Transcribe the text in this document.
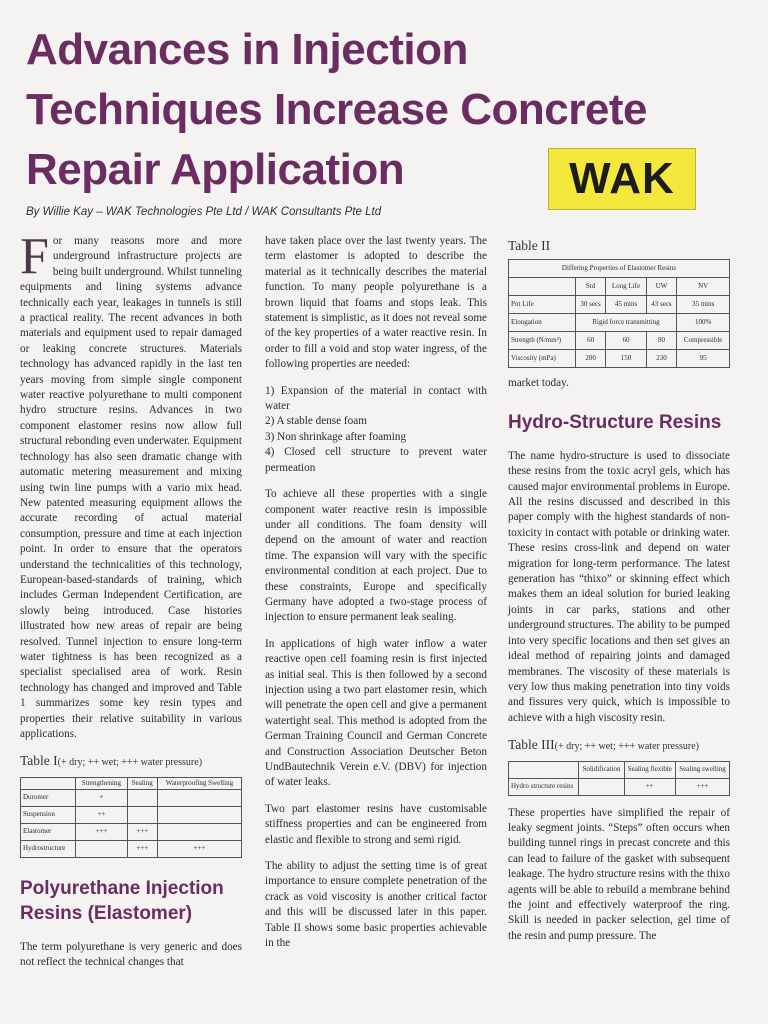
Advances in Injection
Techniques Increase Concrete
Repair Application	WAK
By Willie Kay – WAK Technologies Pte Ltd / WAK Consultants Pte Ltd

For many reasons more and more underground infrastructure projects are being built underground. Whilst tunneling equipments and lining systems advance technically each year, leakages in tunnels is still a practical reality. The recent advances in both materials and equipment used to repair damaged or leaking concrete structures. Materials technology has advanced rapidly in the last ten years moving from simple single component water reactive polyurethane to multi component hydro structure resins. Advances in two component elastomer resins now allow full structural rebonding even underwater. Equipment technology has also seen dramatic change with automatic metering measurement and mixing using twin line pumps with a vario mix head. New patented measuring equipment allows the accurate recording of actual material consumption, pressure and time at each injection point. In order to ensure that the operators understand the technicalities of this technology, European-based-standards of training, which includes German Independent Certification, are slowly being introduced. Case histories illustrated how new areas of repair are being resolved. Tunnel injection to ensure long-term water tightness is has been recognized as a specialist specialised area of work. Resin technology has changed and improved and Table 1 summarizes some key resin types and properties their relative suitability in various applications.

Table I(+ dry; ++ wet; +++ water pressure)
	Strengthening	Sealing	Waterproofing Swelling
Duromer	+		
Suspension	++		
Elastomer	+++	+++	
Hydrostructure		+++	+++
Polyurethane Injection Resins (Elastomer)

The term polyurethane is very generic and does not reflect the technical changes that

have taken place over the last twenty years. The term elastomer is adopted to describe the material as it technically describes the material function. To many people polyurethane is a brown liquid that foams and stops leak. This statement is simplistic, as it does not reveal some of the key properties of a water reactive resin. In order to fill a void and stop water ingress, of the following properties are needed:

1) Expansion of the material in contact with water
2) A stable dense foam
3) Non shrinkage after foaming
4) Closed cell structure to prevent water permeation

To achieve all these properties with a single component water reactive resin is impossible under all conditions. The foam density will depend on the amount of water and reaction time. The expansion will vary with the specific environmental condition at each project. Due to these constraints, Europe and specifically Germany have adopted a two-stage process of injection to ensure permanent leak sealing.

In applications of high water inflow a water reactive open cell foaming resin is first injected as initial seal. This is then followed by a second injection using a two part elastomer resin, which will penetrate the open cell and give a permanent watertight seal. This method is adopted from the German Training Council and German Concrete and Construction Association Deutscher Beton UndBautechnik Verein e.V. (DBV) for injection of water leaks.

Two part elastomer resins have customisable stiffness properties and can be engineered from elastic and flexible to strong and semi rigid.

The ability to adjust the setting time is of great importance to ensure complete penetration of the crack as void viscosity is another critical factor and this will be discussed later in this paper. Table II shows some basic properties achievable in the

Table II
Differing Properties of Elastomer Resins				
	Std	Long Life	UW	NV
Pot Life	30 secs	45 mins	43 secs	35 mins
Elongation	Rigid force transmitting			100%
Strength (N/mm²)	60	60	80	Compressible
Viscosity (mPa)	200	150	230	95

market today.

Hydro-Structure Resins

The name hydro-structure is used to dissociate these resins from the toxic acryl gels, which has caused major environmental problems in Europe. All the resins discussed and described in this paper comply with the highest standards of non-toxicity in contact with potable or drinking water. These resins cross-link and depend on water migration for long-term performance. The latest generation has “thixo” or skinning effect which makes them an ideal solution for buried leaking joints in car parks, stations and other underground structures. The ability to be pumped into very specific locations and then set gives an ideal method of repairing joints and damaged membranes. The viscosity of these materials is very low thus making penetration into tiny voids and fissures very quick, which is impossible to achieve with a high viscosity resin.

Table III(+ dry; ++ wet; +++ water pressure)
	Solidification	Sealing flexible	Sealing swelling
Hydro structure resins		++	+++

These properties have simplified the repair of leaky segment joints. “Steps” often occurs when building tunnel rings in precast concrete and this can lead to failure of the gasket with subsequent leakage. The hydro structure resins with the thixo agents will be able to rebuild a membrane behind the joint and effectively waterproof the ring. Skill is needed in packer selection, gel time of the resin and pump pressure. The
